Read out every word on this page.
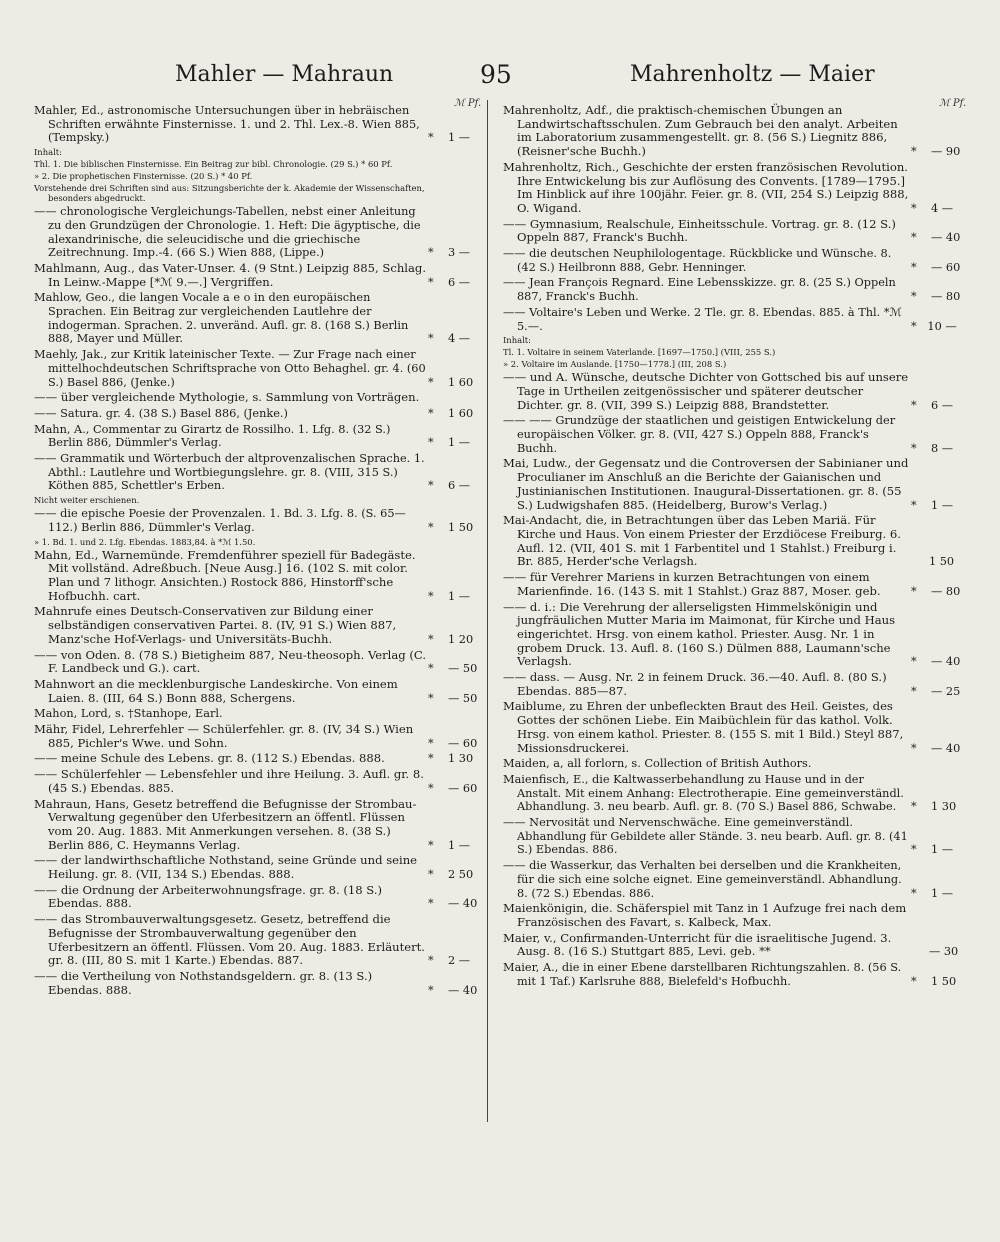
Mahler — Mahraun	95	Mahrenholtz — Maier
ℳ Pf.
Mahler, Ed., astronomische Untersuchungen über in hebräischen Schriften erwähnte Finsternisse. 1. und 2. Thl. Lex.-8. Wien 885, (Tempsky.)	*    1 —
Inhalt:
Thl. 1. Die biblischen Finsternisse. Ein Beitrag zur bibl. Chronologie. (29 S.) * 60 Pf.
» 2. Die prophetischen Finsternisse. (20 S.) * 40 Pf.
Vorstehende drei Schriften sind aus: Sitzungsberichte der k. Akademie der Wissenschaften, besonders abgedruckt.
—— chronologische Vergleichungs-Tabellen, nebst einer Anleitung zu den Grundzügen der Chronologie. 1. Heft: Die ägyptische, die alexandrinische, die seleucidische und die griechische Zeitrechnung. Imp.-4. (66 S.) Wien 888, (Lippe.)	*    3 —
Mahlmann, Aug., das Vater-Unser. 4. (9 Stnt.) Leipzig 885, Schlag. In Leinw.-Mappe [*ℳ 9.—.] Vergriffen.	*    6 —
Mahlow, Geo., die langen Vocale a e o in den europäischen Sprachen. Ein Beitrag zur vergleichenden Lautlehre der indogerman. Sprachen. 2. unveränd. Aufl. gr. 8. (168 S.) Berlin 888, Mayer und Müller.	*    4 —
Maehly, Jak., zur Kritik lateinischer Texte. — Zur Frage nach einer mittelhochdeutschen Schriftsprache von Otto Behaghel. gr. 4. (60 S.) Basel 886, (Jenke.)	*    1 60
—— über vergleichende Mythologie, s. Sammlung von Vorträgen.
—— Satura. gr. 4. (38 S.) Basel 886, (Jenke.)	*    1 60
Mahn, A., Commentar zu Girartz de Rossilho. 1. Lfg. 8. (32 S.) Berlin 886, Dümmler's Verlag.	*    1 —
—— Grammatik und Wörterbuch der altprovenzalischen Sprache. 1. Abthl.: Lautlehre und Wortbiegungslehre. gr. 8. (VIII, 315 S.) Köthen 885, Schettler's Erben.	*    6 —
Nicht weiter erschienen.
—— die epische Poesie der Provenzalen. 1. Bd. 3. Lfg. 8. (S. 65—112.) Berlin 886, Dümmler's Verlag.	*    1 50
» 1. Bd. 1. und 2. Lfg. Ebendas. 1883,84. à *ℳ 1.50.
Mahn, Ed., Warnemünde. Fremdenführer speziell für Badegäste. Mit vollständ. Adreßbuch. [Neue Ausg.] 16. (102 S. mit color. Plan und 7 lithogr. Ansichten.) Rostock 886, Hinstorff'sche Hofbuchh. cart.	*    1 —
Mahnrufe eines Deutsch-Conservativen zur Bildung einer selbständigen conservativen Partei. 8. (IV, 91 S.) Wien 887, Manz'sche Hof-Verlags- und Universitäts-Buchh.	*    1 20
—— von Oden. 8. (78 S.) Bietigheim 887, Neu-theosoph. Verlag (C. F. Landbeck und G.). cart.	*    — 50
Mahnwort an die mecklenburgische Landeskirche. Von einem Laien. 8. (III, 64 S.) Bonn 888, Schergens.	*    — 50
Mahon, Lord, s. †Stanhope, Earl.
Mähr, Fidel, Lehrerfehler — Schülerfehler. gr. 8. (IV, 34 S.) Wien 885, Pichler's Wwe. und Sohn.	*    — 60
—— meine Schule des Lebens. gr. 8. (112 S.) Ebendas. 888.	*    1 30
—— Schülerfehler — Lebensfehler und ihre Heilung. 3. Aufl. gr. 8. (45 S.) Ebendas. 885.	*    — 60
Mahraun, Hans, Gesetz betreffend die Befugnisse der Strombau-Verwaltung gegenüber den Uferbesitzern an öffentl. Flüssen vom 20. Aug. 1883. Mit Anmerkungen versehen. 8. (38 S.) Berlin 886, C. Heymanns Verlag.	*    1 —
—— der landwirthschaftliche Nothstand, seine Gründe und seine Heilung. gr. 8. (VII, 134 S.) Ebendas. 888.	*    2 50
—— die Ordnung der Arbeiterwohnungsfrage. gr. 8. (18 S.) Ebendas. 888.	*    — 40
—— das Strombauverwaltungsgesetz. Gesetz, betreffend die Befugnisse der Strombauverwaltung gegenüber den Uferbesitzern an öffentl. Flüssen. Vom 20. Aug. 1883. Erläutert. gr. 8. (III, 80 S. mit 1 Karte.) Ebendas. 887.	*    2 —
—— die Vertheilung von Nothstandsgeldern. gr. 8. (13 S.) Ebendas. 888.	*    — 40
ℳ Pf.
Mahrenholtz, Adf., die praktisch-chemischen Übungen an Landwirtschaftsschulen. Zum Gebrauch bei den analyt. Arbeiten im Laboratorium zusammengestellt. gr. 8. (56 S.) Liegnitz 886, (Reisner'sche Buchh.)	*    — 90
Mahrenholtz, Rich., Geschichte der ersten französischen Revolution. Ihre Entwickelung bis zur Auflösung des Convents. [1789—1795.] Im Hinblick auf ihre 100jähr. Feier. gr. 8. (VII, 254 S.) Leipzig 888, O. Wigand.	*    4 —
—— Gymnasium, Realschule, Einheitsschule. Vortrag. gr. 8. (12 S.) Oppeln 887, Franck's Buchh.	*    — 40
—— die deutschen Neuphilologentage. Rückblicke und Wünsche. 8. (42 S.) Heilbronn 888, Gebr. Henninger.	*    — 60
—— Jean François Regnard. Eine Lebensskizze. gr. 8. (25 S.) Oppeln 887, Franck's Buchh.	*    — 80
—— Voltaire's Leben und Werke. 2 Tle. gr. 8. Ebendas. 885. à Thl. *ℳ 5.—.	*   10 —
Inhalt:
Tl. 1. Voltaire in seinem Vaterlande. [1697—1750.] (VIII, 255 S.)
» 2. Voltaire im Auslande. [1750—1778.] (III, 208 S.)
—— und A. Wünsche, deutsche Dichter von Gottsched bis auf unsere Tage in Urtheilen zeitgenössischer und späterer deutscher Dichter. gr. 8. (VII, 399 S.) Leipzig 888, Brandstetter.	*    6 —
—— —— Grundzüge der staatlichen und geistigen Entwickelung der europäischen Völker. gr. 8. (VII, 427 S.) Oppeln 888, Franck's Buchh.	*    8 —
Mai, Ludw., der Gegensatz und die Controversen der Sabinianer und Proculianer im Anschluß an die Berichte der Gaianischen und Justinianischen Institutionen. Inaugural-Dissertationen. gr. 8. (55 S.) Ludwigshafen 885. (Heidelberg, Burow's Verlag.)	*    1 —
Mai-Andacht, die, in Betrachtungen über das Leben Mariä. Für Kirche und Haus. Von einem Priester der Erzdiöcese Freiburg. 6. Aufl. 12. (VII, 401 S. mit 1 Farbentitel und 1 Stahlst.) Freiburg i. Br. 885, Herder'sche Verlagsh.	1 50
—— für Verehrer Mariens in kurzen Betrachtungen von einem Marienfinde. 16. (143 S. mit 1 Stahlst.) Graz 887, Moser. geb.	*    — 80
—— d. i.: Die Verehrung der allerseligsten Himmelskönigin und jungfräulichen Mutter Maria im Maimonat, für Kirche und Haus eingerichtet. Hrsg. von einem kathol. Priester. Ausg. Nr. 1 in grobem Druck. 13. Aufl. 8. (160 S.) Dülmen 888, Laumann'sche Verlagsh.	*    — 40
—— dass. — Ausg. Nr. 2 in feinem Druck. 36.—40. Aufl. 8. (80 S.) Ebendas. 885—87.	*    — 25
Maiblume, zu Ehren der unbefleckten Braut des Heil. Geistes, des Gottes der schönen Liebe. Ein Maibüchlein für das kathol. Volk. Hrsg. von einem kathol. Priester. 8. (155 S. mit 1 Bild.) Steyl 887, Missionsdruckerei.	*    — 40
Maiden, a, all forlorn, s. Collection of British Authors.
Maienfisch, E., die Kaltwasserbehandlung zu Hause und in der Anstalt. Mit einem Anhang: Electrotherapie. Eine gemeinverständl. Abhandlung. 3. neu bearb. Aufl. gr. 8. (70 S.) Basel 886, Schwabe. *    1 30
—— Nervosität und Nervenschwäche. Eine gemeinverständl. Abhandlung für Gebildete aller Stände. 3. neu bearb. Aufl. gr. 8. (41 S.) Ebendas. 886.	*    1 —
—— die Wasserkur, das Verhalten bei derselben und die Krankheiten, für die sich eine solche eignet. Eine gemeinverständl. Abhandlung. 8. (72 S.) Ebendas. 886.	*    1 —
Maienkönigin, die. Schäferspiel mit Tanz in 1 Aufzuge frei nach dem Französischen des Favart, s. Kalbeck, Max.
Maier, v., Confirmanden-Unterricht für die israelitische Jugend. 3. Ausg. 8. (16 S.) Stuttgart 885, Levi. geb. **	— 30
Maier, A., die in einer Ebene darstellbaren Richtungszahlen. 8. (56 S. mit 1 Taf.) Karlsruhe 888, Bielefeld's Hofbuchh.	*    1 50
